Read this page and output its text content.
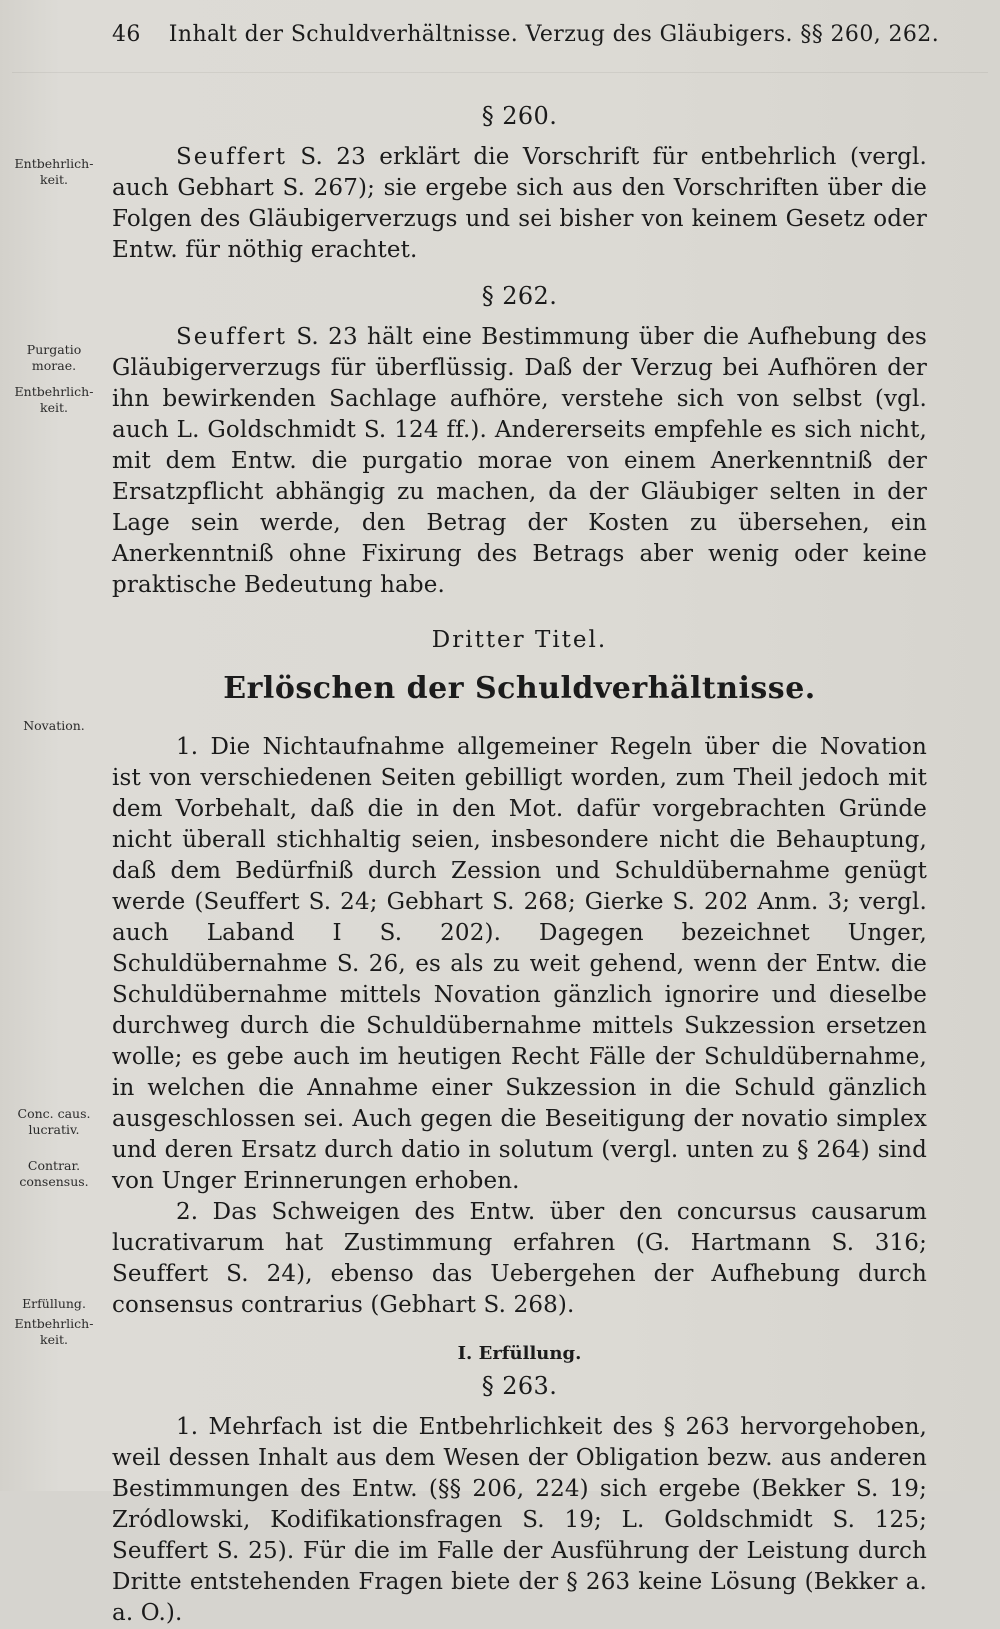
46 Inhalt der Schuldverhältnisse. Verzug des Gläubigers. §§ 260, 262.
Entbehrlich-
keit.
Purgatio
morae.
Entbehrlich-
keit.
Novation.
Conc. caus.
lucrativ.
Contrar.
consensus.
Erfüllung.
Entbehrlich-
keit.
§ 260.

Seuffert S. 23 erklärt die Vorschrift für entbehrlich (vergl. auch Gebhart S. 267); sie ergebe sich aus den Vorschriften über die Folgen des Gläubigerverzugs und sei bisher von keinem Gesetz oder Entw. für nöthig erachtet.

§ 262.

Seuffert S. 23 hält eine Bestimmung über die Aufhebung des Gläubigerverzugs für überflüssig. Daß der Verzug bei Aufhören der ihn bewirkenden Sachlage aufhöre, verstehe sich von selbst (vgl. auch L. Goldschmidt S. 124 ff.). Andererseits empfehle es sich nicht, mit dem Entw. die purgatio morae von einem Anerkenntniß der Ersatzpflicht abhängig zu machen, da der Gläubiger selten in der Lage sein werde, den Betrag der Kosten zu übersehen, ein Anerkenntniß ohne Fixirung des Betrags aber wenig oder keine praktische Bedeutung habe.

Dritter Titel.
Erlöschen der Schuldverhältnisse.

1. Die Nichtaufnahme allgemeiner Regeln über die Novation ist von verschiedenen Seiten gebilligt worden, zum Theil jedoch mit dem Vorbehalt, daß die in den Mot. dafür vorgebrachten Gründe nicht überall stichhaltig seien, insbesondere nicht die Behauptung, daß dem Bedürfniß durch Zession und Schuldübernahme genügt werde (Seuffert S. 24; Gebhart S. 268; Gierke S. 202 Anm. 3; vergl. auch Laband I S. 202). Dagegen bezeichnet Unger, Schuldübernahme S. 26, es als zu weit gehend, wenn der Entw. die Schuldübernahme mittels Novation gänzlich ignorire und dieselbe durchweg durch die Schuldübernahme mittels Sukzession ersetzen wolle; es gebe auch im heutigen Recht Fälle der Schuldübernahme, in welchen die Annahme einer Sukzession in die Schuld gänzlich ausgeschlossen sei. Auch gegen die Beseitigung der novatio simplex und deren Ersatz durch datio in solutum (vergl. unten zu § 264) sind von Unger Erinnerungen erhoben.

2. Das Schweigen des Entw. über den concursus causarum lucrativarum hat Zustimmung erfahren (G. Hartmann S. 316; Seuffert S. 24), ebenso das Uebergehen der Aufhebung durch consensus contrarius (Gebhart S. 268).

I. Erfüllung.
§ 263.

1. Mehrfach ist die Entbehrlichkeit des § 263 hervorgehoben, weil dessen Inhalt aus dem Wesen der Obligation bezw. aus anderen Bestimmungen des Entw. (§§ 206, 224) sich ergebe (Bekker S. 19; Zródlowski, Kodifikationsfragen S. 19; L. Goldschmidt S. 125; Seuffert S. 25). Für die im Falle der Ausführung der Leistung durch Dritte entstehenden Fragen biete der § 263 keine Lösung (Bekker a. a. O.).
